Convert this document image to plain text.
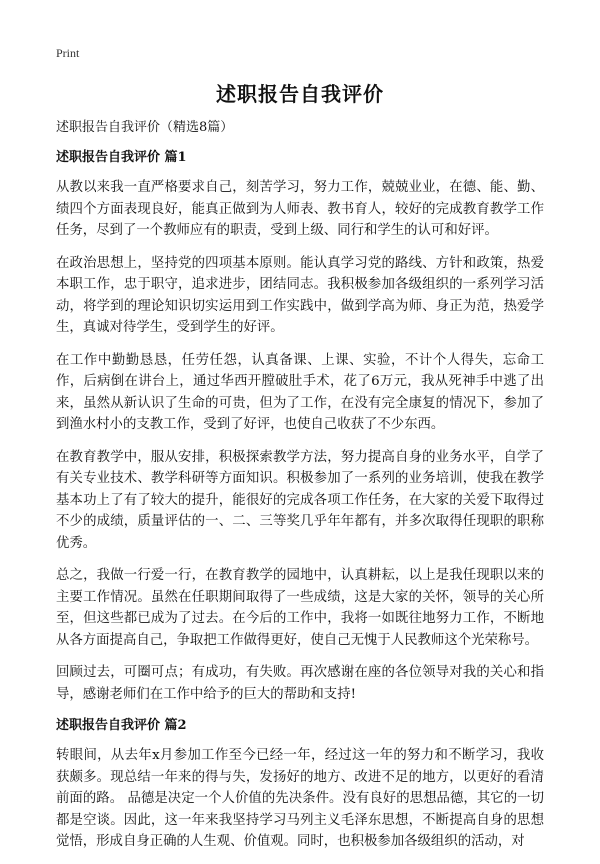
Print
述职报告自我评价

述职报告自我评价（精选8篇）

述职报告自我评价 篇1

从教以来我一直严格要求自己，刻苦学习，努力工作，兢兢业业，在德、能、勤、绩四个方面表现良好，能真正做到为人师表、教书育人，较好的完成教育教学工作任务，尽到了一个教师应有的职责，受到上级、同行和学生的认可和好评。

在政治思想上，坚持党的四项基本原则。能认真学习党的路线、方针和政策，热爱本职工作，忠于职守，追求进步，团结同志。我积极参加各级组织的一系列学习活动，将学到的理论知识切实运用到工作实践中，做到学高为师、身正为范，热爱学生，真诚对待学生，受到学生的好评。

在工作中勤勤恳恳，任劳任怨，认真备课、上课、实验，不计个人得失，忘命工作，后病倒在讲台上，通过华西开膛破肚手术，花了6万元，我从死神手中逃了出来，虽然从新认识了生命的可贵，但为了工作，在没有完全康复的情况下，参加了到渔水村小的支教工作，受到了好评，也使自己收获了不少东西。

在教育教学中，服从安排，积极探索教学方法，努力提高自身的业务水平，自学了有关专业技术、教学科研等方面知识。积极参加了一系列的业务培训，使我在教学基本功上了有了较大的提升，能很好的完成各项工作任务，在大家的关爱下取得过不少的成绩，质量评估的一、二、三等奖几乎年年都有，并多次取得任现职的职称优秀。

总之，我做一行爱一行，在教育教学的园地中，认真耕耘，以上是我任现职以来的主要工作情况。虽然在任职期间取得了一些成绩，这是大家的关怀，领导的关心所至，但这些都已成为了过去。在今后的工作中，我将一如既往地努力工作，不断地从各方面提高自己，争取把工作做得更好，使自己无愧于人民教师这个光荣称号。

回顾过去，可圈可点；有成功，有失败。再次感谢在座的各位领导对我的关心和指导，感谢老师们在工作中给予的巨大的帮助和支持!

述职报告自我评价 篇2

转眼间，从去年x月参加工作至今已经一年，经过这一年的努力和不断学习，我收获颇多。现总结一年来的得与失，发扬好的地方、改进不足的地方，以更好的看清前面的路。 品德是决定一个人价值的先决条件。没有良好的思想品德，其它的一切都是空谈。因此，这一年来我坚持学习马列主义毛泽东思想，不断提高自身的思想觉悟，形成自身正确的人生观、价值观。同时，也积极参加各级组织的活动，对
